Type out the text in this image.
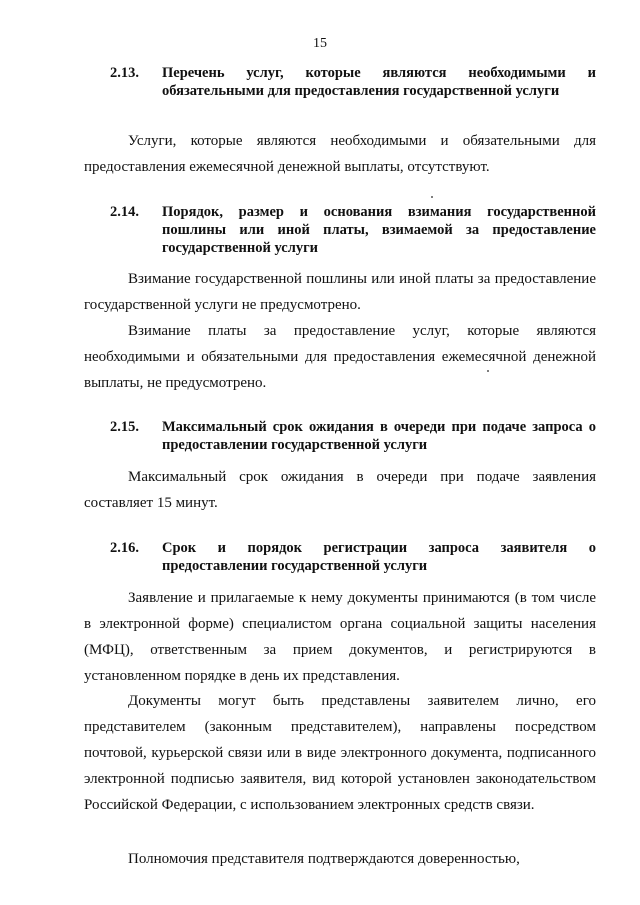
15
2.13.	Перечень услуг, которые являются необходимыми и обязательными для предоставления государственной услуги
Услуги, которые являются необходимыми и обязательными для предоставления ежемесячной денежной выплаты, отсутствуют.
2.14.	Порядок, размер и основания взимания государственной пошлины или иной платы, взимаемой за предоставление государственной услуги
Взимание государственной пошлины или иной платы за предоставление государственной услуги не предусмотрено.
Взимание платы за предоставление услуг, которые являются необходимыми и обязательными для предоставления ежемесячной денежной выплаты, не предусмотрено.
2.15.	Максимальный срок ожидания в очереди при подаче запроса о предоставлении государственной услуги
Максимальный срок ожидания в очереди при подаче заявления составляет 15 минут.
2.16.	Срок и порядок регистрации запроса заявителя о предоставлении государственной услуги
Заявление и прилагаемые к нему документы принимаются (в том числе в электронной форме) специалистом органа социальной защиты населения (МФЦ), ответственным за прием документов, и регистрируются в установленном порядке в день их представления.
Документы могут быть представлены заявителем лично, его представителем (законным представителем), направлены посредством почтовой, курьерской связи или в виде электронного документа, подписанного электронной подписью заявителя, вид которой установлен законодательством Российской Федерации, с использованием электронных средств связи.
Полномочия представителя подтверждаются доверенностью,
